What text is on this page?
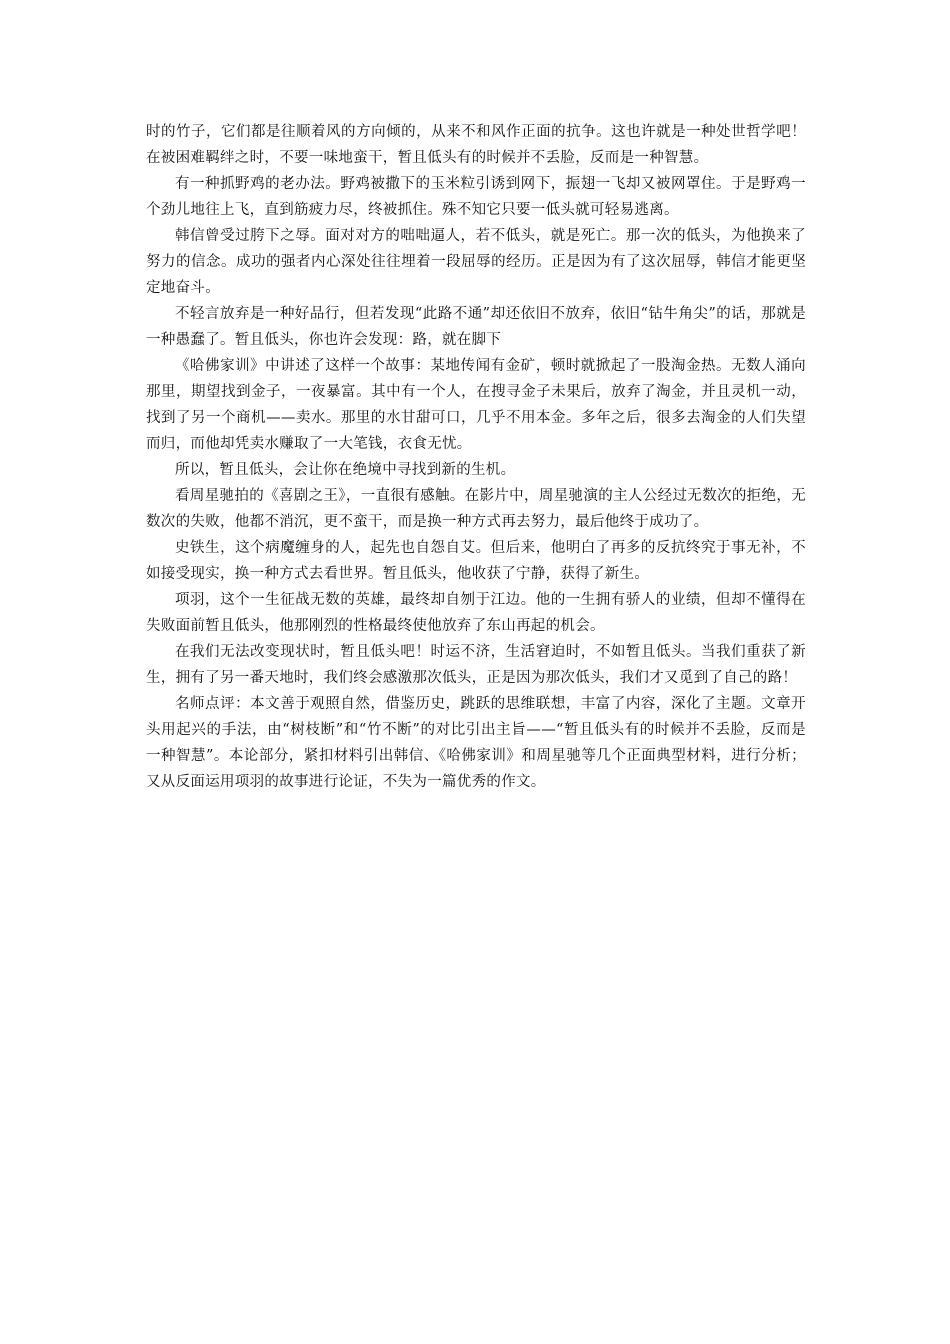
时的竹子，它们都是往顺着风的方向倾的，从来不和风作正面的抗争。这也许就是一种处世哲学吧！在被困难羁绊之时，不要一味地蛮干，暂且低头有的时候并不丢脸，反而是一种智慧。

有一种抓野鸡的老办法。野鸡被撒下的玉米粒引诱到网下，振翅一飞却又被网罩住。于是野鸡一个劲儿地往上飞，直到筋疲力尽，终被抓住。殊不知它只要一低头就可轻易逃离。

韩信曾受过胯下之辱。面对对方的咄咄逼人，若不低头，就是死亡。那一次的低头，为他换来了努力的信念。成功的强者内心深处往往埋着一段屈辱的经历。正是因为有了这次屈辱，韩信才能更坚定地奋斗。

不轻言放弃是一种好品行，但若发现“此路不通”却还依旧不放弃，依旧“钻牛角尖”的话，那就是一种愚蠢了。暂且低头，你也许会发现：路，就在脚下

《哈佛家训》中讲述了这样一个故事：某地传闻有金矿，顿时就掀起了一股淘金热。无数人涌向那里，期望找到金子，一夜暴富。其中有一个人，在搜寻金子未果后，放弃了淘金，并且灵机一动，找到了另一个商机——卖水。那里的水甘甜可口，几乎不用本金。多年之后，很多去淘金的人们失望而归，而他却凭卖水赚取了一大笔钱，衣食无忧。

所以，暂且低头，会让你在绝境中寻找到新的生机。

看周星驰拍的《喜剧之王》，一直很有感触。在影片中，周星驰演的主人公经过无数次的拒绝，无数次的失败，他都不消沉，更不蛮干，而是换一种方式再去努力，最后他终于成功了。

史铁生，这个病魔缠身的人，起先也自怨自艾。但后来，他明白了再多的反抗终究于事无补，不如接受现实，换一种方式去看世界。暂且低头，他收获了宁静，获得了新生。

项羽，这个一生征战无数的英雄，最终却自刎于江边。他的一生拥有骄人的业绩，但却不懂得在失败面前暂且低头，他那刚烈的性格最终使他放弃了东山再起的机会。

在我们无法改变现状时，暂且低头吧！时运不济，生活窘迫时，不如暂且低头。当我们重获了新生，拥有了另一番天地时，我们终会感激那次低头，正是因为那次低头，我们才又觅到了自己的路！

名师点评：本文善于观照自然，借鉴历史，跳跃的思维联想，丰富了内容，深化了主题。文章开头用起兴的手法，由“树枝断”和“竹不断”的对比引出主旨——“暂且低头有的时候并不丢脸，反而是一种智慧”。本论部分，紧扣材料引出韩信、《哈佛家训》和周星驰等几个正面典型材料，进行分析；又从反面运用项羽的故事进行论证，不失为一篇优秀的作文。
